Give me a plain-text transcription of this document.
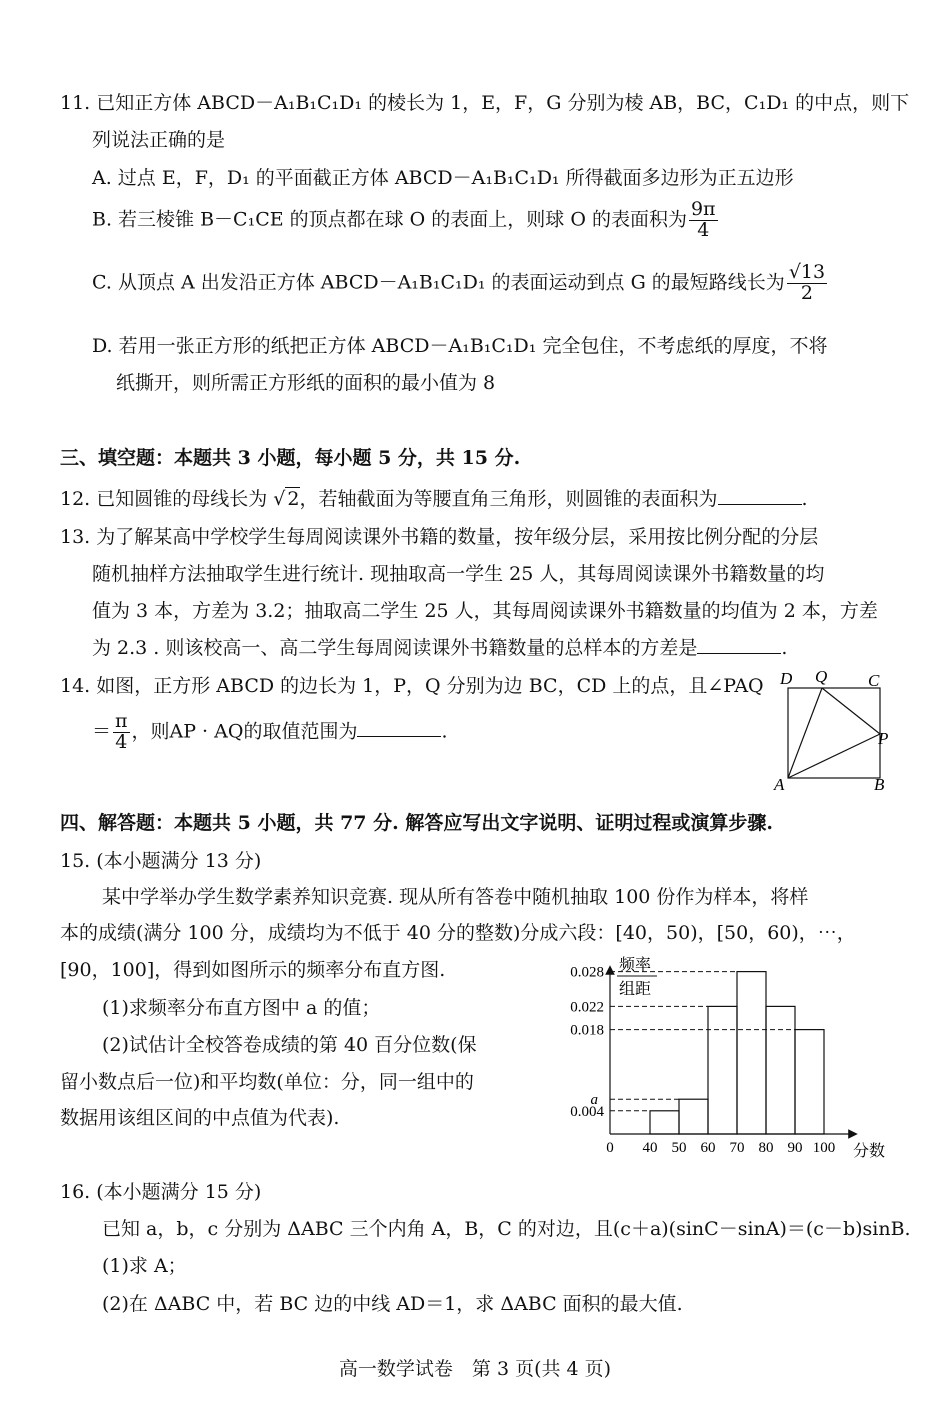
11. 已知正方体 ABCD－A₁B₁C₁D₁ 的棱长为 1，E，F，G 分别为棱 AB，BC，C₁D₁ 的中点，则下
列说法正确的是
A. 过点 E，F，D₁ 的平面截正方体 ABCD－A₁B₁C₁D₁ 所得截面多边形为正五边形
B. 若三棱锥 B－C₁CE 的顶点都在球 O 的表面上，则球 O 的表面积为 $\frac{9\pi}{4}$
C. 从顶点 A 出发沿正方体 ABCD－A₁B₁C₁D₁ 的表面运动到点 G 的最短路线长为 $\frac{√13}{2}$
D. 若用一张正方形的纸把正方体 ABCD－A₁B₁C₁D₁ 完全包住，不考虑纸的厚度，不将
纸撕开，则所需正方形纸的面积的最小值为 8
三、填空题：本题共 3 小题，每小题 5 分，共 15 分.
12. 已知圆锥的母线长为 √ 2，若轴截面为等腰直角三角形，则圆锥的表面积为	.
13. 为了解某高中学校学生每周阅读课外书籍的数量，按年级分层，采用按比例分配的分层
随机抽样方法抽取学生进行统计. 现抽取高一学生 25 人，其每周阅读课外书籍数量的均
值为 3 本，方差为 3.2；抽取高二学生 25 人，其每周阅读课外书籍数量的均值为 2 本，方差
为 2.3 . 则该校高一、高二学生每周阅读课外书籍数量的总样本的方差是	.
14. 如图，正方形 ABCD 的边长为 1，P，Q 分别为边 BC，CD 上的点，且∠PAQ
＝ $\frac{\pi}{4}$ ，则AP · AQ的取值范围为	.
D Q C
P
A	B
四、解答题：本题共 5 小题，共 77 分. 解答应写出文字说明、证明过程或演算步骤.
15. (本小题满分 13 分)
某中学举办学生数学素养知识竞赛. 现从所有答卷中随机抽取 100 份作为样本，将样
本的成绩(满分 100 分，成绩均为不低于 40 分的整数)分成六段：[40，50)，[50，60)，⋯，
[90，100]，得到如图所示的频率分布直方图.
(1)求频率分布直方图中 a 的值；
(2)试估计全校答卷成绩的第 40 百分位数(保
留小数点后一位)和平均数(单位：分，同一组中的
数据用该组区间的中点值为代表).
频率
组距
分数
0.028
0.022
0.018
a
0.004
0 40 50 60 70 80 90 100
16. (本小题满分 15 分)
已知 a，b，c 分别为 ΔABC 三个内角 A，B，C 的对边，且(c＋a)(sinC－sinA)＝(c－b)sinB.
(1)求 A；
(2)在 ΔABC 中，若 BC 边的中线 AD＝1，求 ΔABC 面积的最大值.
高一数学试卷　第 3 页(共 4 页)
